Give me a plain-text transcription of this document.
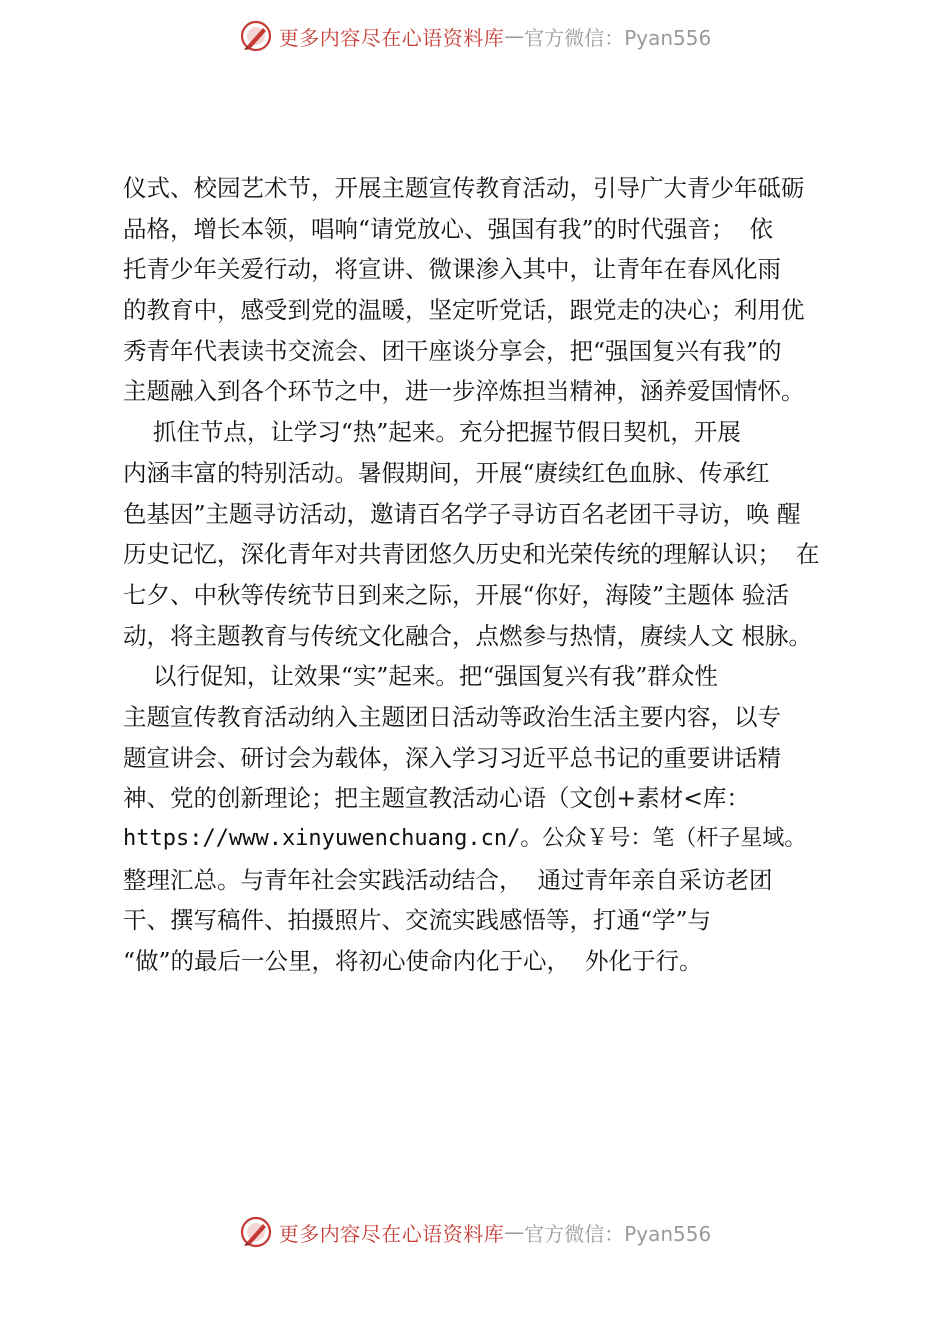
更多内容尽在心语资料库 — 官方微信：Pyan556
仪式、校园艺术节，开展主题宣传教育活动，引导广大青少年砥砺
品格，增长本领，唱响“请党放心、强国有我”的时代强音；  依
托青少年关爱行动，将宣讲、微课渗入其中，让青年在春风化雨
的教育中，感受到党的温暖，坚定听党话，跟党走的决心；利用优
秀青年代表读书交流会、团干座谈分享会，把“强国复兴有我”的
主题融入到各个环节之中，进一步淬炼担当精神，涵养爱国情怀。
抓住节点，让学习“热”起来。充分把握节假日契机，开展
内涵丰富的特别活动。暑假期间，开展“赓续红色血脉、传承红
色基因”主题寻访活动，邀请百名学子寻访百名老团干寻访，唤 醒
历史记忆，深化青年对共青团悠久历史和光荣传统的理解认识；  在
七夕、中秋等传统节日到来之际，开展“你好，海陵”主题体 验活
动，将主题教育与传统文化融合，点燃参与热情，赓续人文 根脉。
以行促知，让效果“实”起来。把“强国复兴有我”群众性
主题宣传教育活动纳入主题团日活动等政治生活主要内容，以专
题宣讲会、研讨会为载体，深入学习习近平总书记的重要讲话精
神、党的创新理论；把主题宣教活动心语（文创+素材<库：
https://www.xinyuwenchuang.cn/。公众￥号：笔（杆子星域。
整理汇总。与青年社会实践活动结合，  通过青年亲自采访老团
干、撰写稿件、拍摄照片、交流实践感悟等，打通“学”与
“做”的最后一公里，将初心使命内化于心，  外化于行。
更多内容尽在心语资料库 — 官方微信：Pyan556
